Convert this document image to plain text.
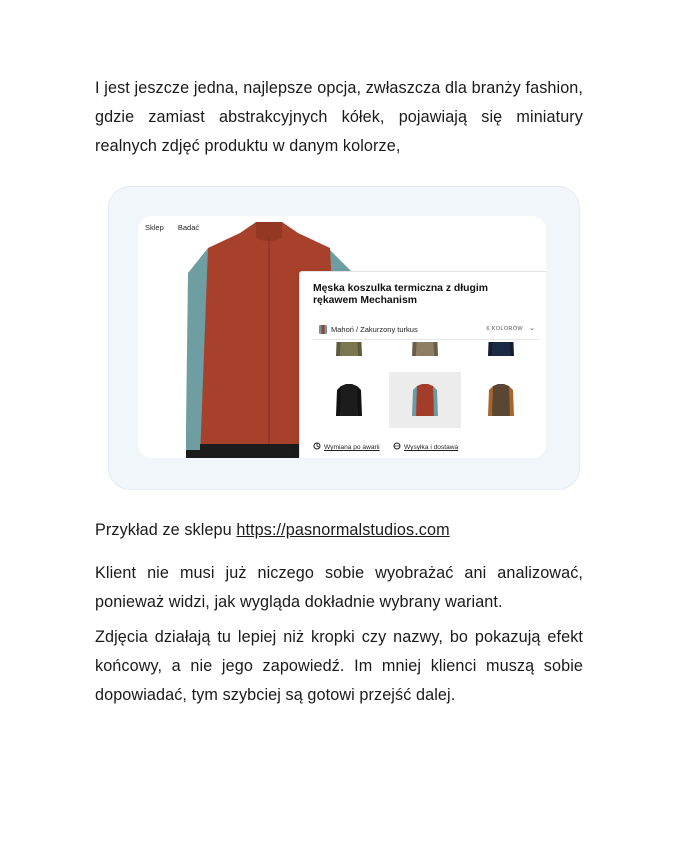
I jest jeszcze jedna, najlepsze opcja, zwłaszcza dla branży fashion, gdzie zamiast abstrakcyjnych kółek, pojawiają się miniatury realnych zdjęć produktu w danym kolorze,

Sklep Badać
Męska koszulka termiczna z długim rękawem Mechanism
Mahoń / Zakurzony turkus	6 KOLORÓW ⌄
Wymiana po awarii	Wysyłka i dostawa

Przykład ze sklepu https://pasnormalstudios.com

Klient nie musi już niczego sobie wyobrażać ani analizować, ponieważ widzi, jak wygląda dokładnie wybrany wariant.

Zdjęcia działają tu lepiej niż kropki czy nazwy, bo pokazują efekt końcowy, a nie jego zapowiedź. Im mniej klienci muszą sobie dopowiadać, tym szybciej są gotowi przejść dalej.
